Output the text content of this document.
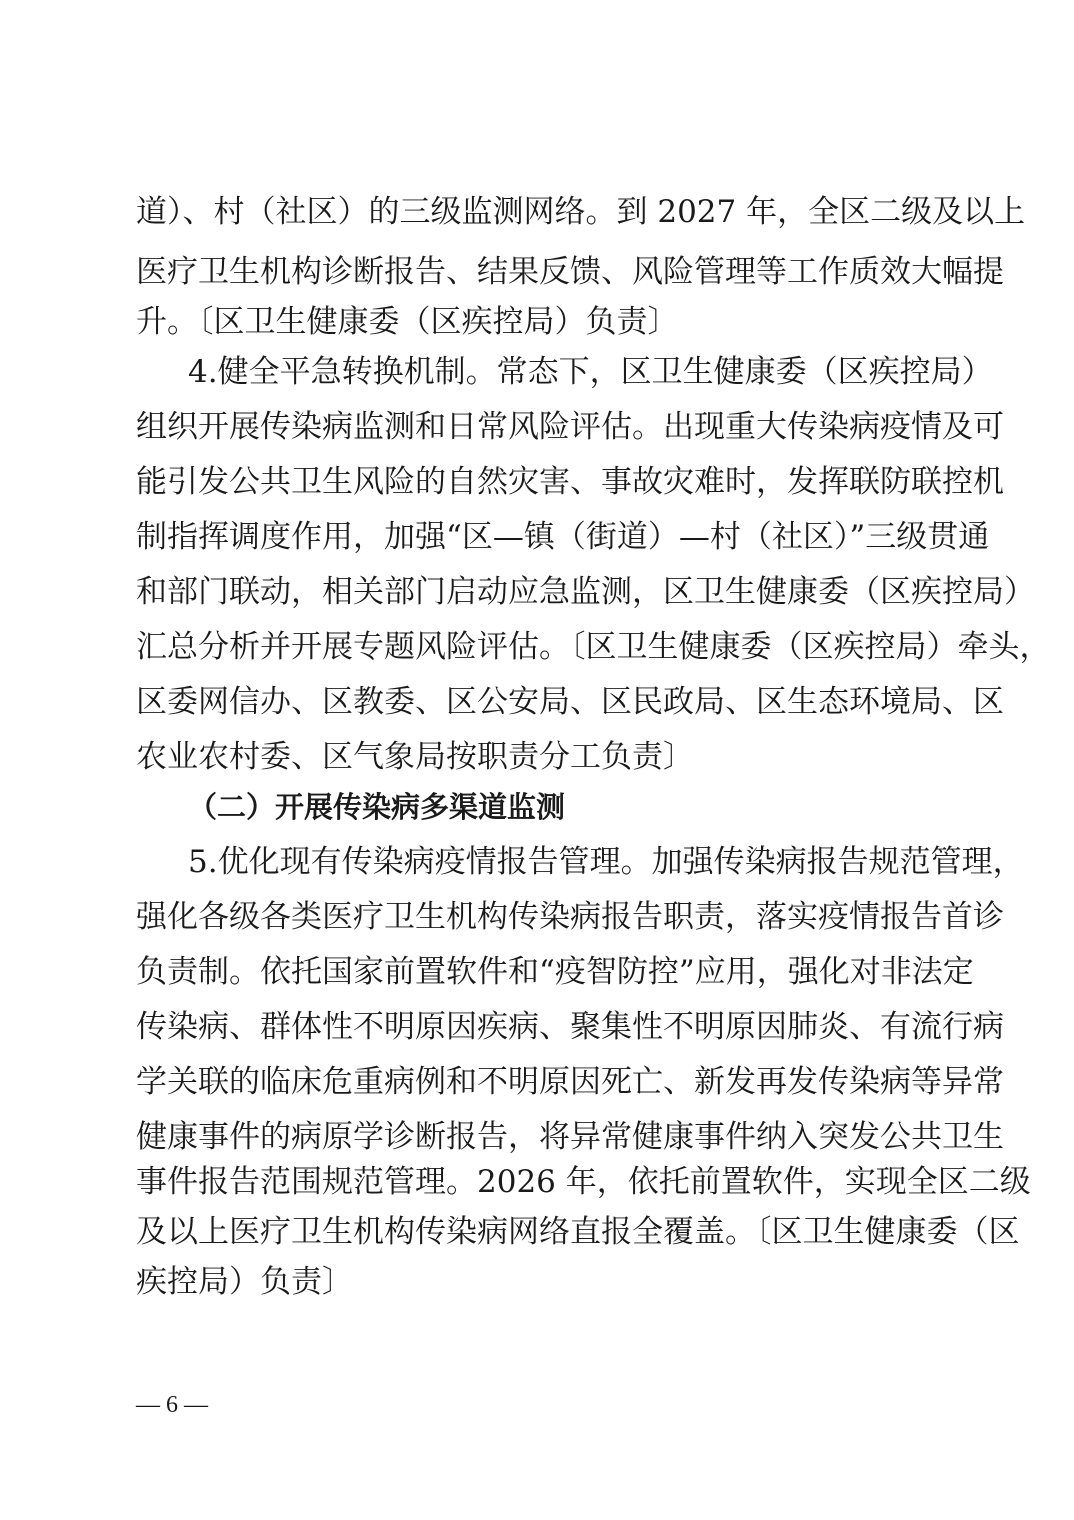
道）、村（社区）的三级监测网络。到 2027 年，全区二级及以上
医疗卫生机构诊断报告、结果反馈、风险管理等工作质效大幅提
升。〔区卫生健康委（区疾控局）负责〕
4.健全平急转换机制。常态下，区卫生健康委（区疾控局）
组织开展传染病监测和日常风险评估。出现重大传染病疫情及可
能引发公共卫生风险的自然灾害、事故灾难时，发挥联防联控机
制指挥调度作用，加强“区—镇（街道）—村（社区）”三级贯通
和部门联动，相关部门启动应急监测，区卫生健康委（区疾控局）
汇总分析并开展专题风险评估。〔区卫生健康委（区疾控局）牵头，
区委网信办、区教委、区公安局、区民政局、区生态环境局、区
农业农村委、区气象局按职责分工负责〕
（二）开展传染病多渠道监测
5.优化现有传染病疫情报告管理。加强传染病报告规范管理，
强化各级各类医疗卫生机构传染病报告职责，落实疫情报告首诊
负责制。依托国家前置软件和“疫智防控”应用，强化对非法定
传染病、群体性不明原因疾病、聚集性不明原因肺炎、有流行病
学关联的临床危重病例和不明原因死亡、新发再发传染病等异常
健康事件的病原学诊断报告，将异常健康事件纳入突发公共卫生
事件报告范围规范管理。2026 年，依托前置软件，实现全区二级
及以上医疗卫生机构传染病网络直报全覆盖。〔区卫生健康委（区
疾控局）负责〕
— 6 —
